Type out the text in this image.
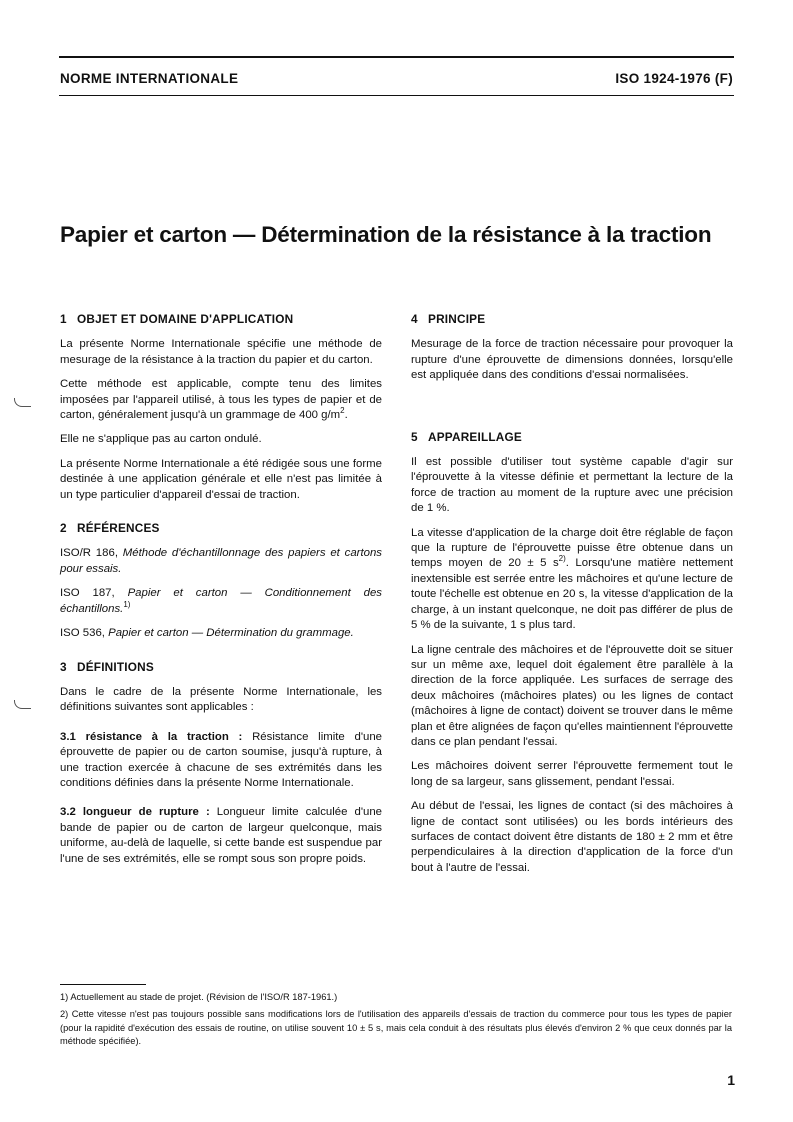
NORME INTERNATIONALE	ISO 1924-1976 (F)
Papier et carton — Détermination de la résistance à la traction
1 OBJET ET DOMAINE D'APPLICATION

La présente Norme Internationale spécifie une méthode de mesurage de la résistance à la traction du papier et du carton.

Cette méthode est applicable, compte tenu des limites imposées par l'appareil utilisé, à tous les types de papier et de carton, généralement jusqu'à un grammage de 400 $g/m^2$.

Elle ne s'applique pas au carton ondulé.

La présente Norme Internationale a été rédigée sous une forme destinée à une application générale et elle n'est pas limitée à un type particulier d'appareil d'essai de traction.

2 RÉFÉRENCES

ISO/R 186, Méthode d'échantillonnage des papiers et cartons pour essais.

ISO 187, Papier et carton — Conditionnement des échantillons.$^{1)}$

ISO 536, Papier et carton — Détermination du grammage.

3 DÉFINITIONS

Dans le cadre de la présente Norme Internationale, les définitions suivantes sont applicables :

3.1 résistance à la traction : Résistance limite d'une éprouvette de papier ou de carton soumise, jusqu'à rupture, à une traction exercée à chacune de ses extrémités dans les conditions définies dans la présente Norme Internationale.

3.2 longueur de rupture : Longueur limite calculée d'une bande de papier ou de carton de largeur quelconque, mais uniforme, au-delà de laquelle, si cette bande est suspendue par l'une de ses extrémités, elle se rompt sous son propre poids.

4 PRINCIPE

Mesurage de la force de traction nécessaire pour provoquer la rupture d'une éprouvette de dimensions données, lorsqu'elle est appliquée dans des conditions d'essai normalisées.

5 APPAREILLAGE

Il est possible d'utiliser tout système capable d'agir sur l'éprouvette à la vitesse définie et permettant la lecture de la force de traction au moment de la rupture avec une précision de 1 %.

La vitesse d'application de la charge doit être réglable de façon que la rupture de l'éprouvette puisse être obtenue dans un temps moyen de 20 ± 5 $s^{2)}$. Lorsqu'une matière nettement inextensible est serrée entre les mâchoires et qu'une lecture de toute l'échelle est obtenue en 20 s, la vitesse d'application de la charge, à un instant quelconque, ne doit pas différer de plus de 5 % de la suivante, 1 s plus tard.

La ligne centrale des mâchoires et de l'éprouvette doit se situer sur un même axe, lequel doit également être parallèle à la direction de la force appliquée. Les surfaces de serrage des deux mâchoires (mâchoires plates) ou les lignes de contact (mâchoires à ligne de contact) doivent se trouver dans le même plan et être alignées de façon qu'elles maintiennent l'éprouvette dans ce plan pendant l'essai.

Les mâchoires doivent serrer l'éprouvette fermement tout le long de sa largeur, sans glissement, pendant l'essai.

Au début de l'essai, les lignes de contact (si des mâchoires à ligne de contact sont utilisées) ou les bords intérieurs des surfaces de contact doivent être distants de 180 ± 2 mm et être perpendiculaires à la direction d'application de la force d'un bout à l'autre de l'essai.

1) Actuellement au stade de projet. (Révision de l'ISO/R 187-1961.)
2) Cette vitesse n'est pas toujours possible sans modifications lors de l'utilisation des appareils d'essais de traction du commerce pour tous les types de papier (pour la rapidité d'exécution des essais de routine, on utilise souvent 10 ± 5 s, mais cela conduit à des résultats plus élevés d'environ 2 % que ceux donnés par la méthode spécifiée).
1
